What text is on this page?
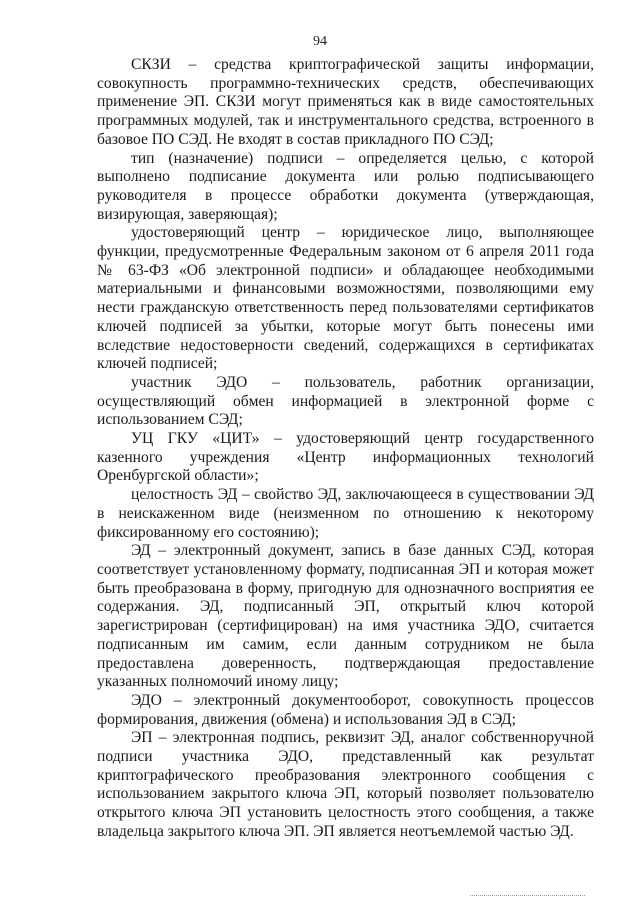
94

СКЗИ – средства криптографической защиты информации, совокупность программно-технических средств, обеспечивающих применение ЭП. СКЗИ могут применяться как в виде самостоятельных программных модулей, так и инструментального средства, встроенного в базовое ПО СЭД. Не входят в состав прикладного ПО СЭД;

тип (назначение) подписи – определяется целью, с которой выполнено подписание документа или ролью подписывающего руководителя в процессе обработки документа (утверждающая, визирующая, заверяющая);

удостоверяющий центр – юридическое лицо, выполняющее функции, предусмотренные Федеральным законом от 6 апреля 2011 года № 63-ФЗ «Об электронной подписи» и обладающее необходимыми материальными и финансовыми возможностями, позволяющими ему нести гражданскую ответственность перед пользователями сертификатов ключей подписей за убытки, которые могут быть понесены ими вследствие недостоверности сведений, содержащихся в сертификатах ключей подписей;

участник ЭДО – пользователь, работник организации, осуществляющий обмен информацией в электронной форме с использованием СЭД;

УЦ ГКУ «ЦИТ» – удостоверяющий центр государственного казенного учреждения «Центр информационных технологий Оренбургской области»;

целостность ЭД – свойство ЭД, заключающееся в существовании ЭД в неискаженном виде (неизменном по отношению к некоторому фиксированному его состоянию);

ЭД – электронный документ, запись в базе данных СЭД, которая соответствует установленному формату, подписанная ЭП и которая может быть преобразована в форму, пригодную для однозначного восприятия ее содержания. ЭД, подписанный ЭП, открытый ключ которой зарегистрирован (сертифицирован) на имя участника ЭДО, считается подписанным им самим, если данным сотрудником не была предоставлена доверенность, подтверждающая предоставление указанных полномочий иному лицу;

ЭДО – электронный документооборот, совокупность процессов формирования, движения (обмена) и использования ЭД в СЭД;

ЭП – электронная подпись, реквизит ЭД, аналог собственноручной подписи участника ЭДО, представленный как результат криптографического преобразования электронного сообщения с использованием закрытого ключа ЭП, который позволяет пользователю открытого ключа ЭП установить целостность этого сообщения, а также владельца закрытого ключа ЭП. ЭП является неотъемлемой частью ЭД.
